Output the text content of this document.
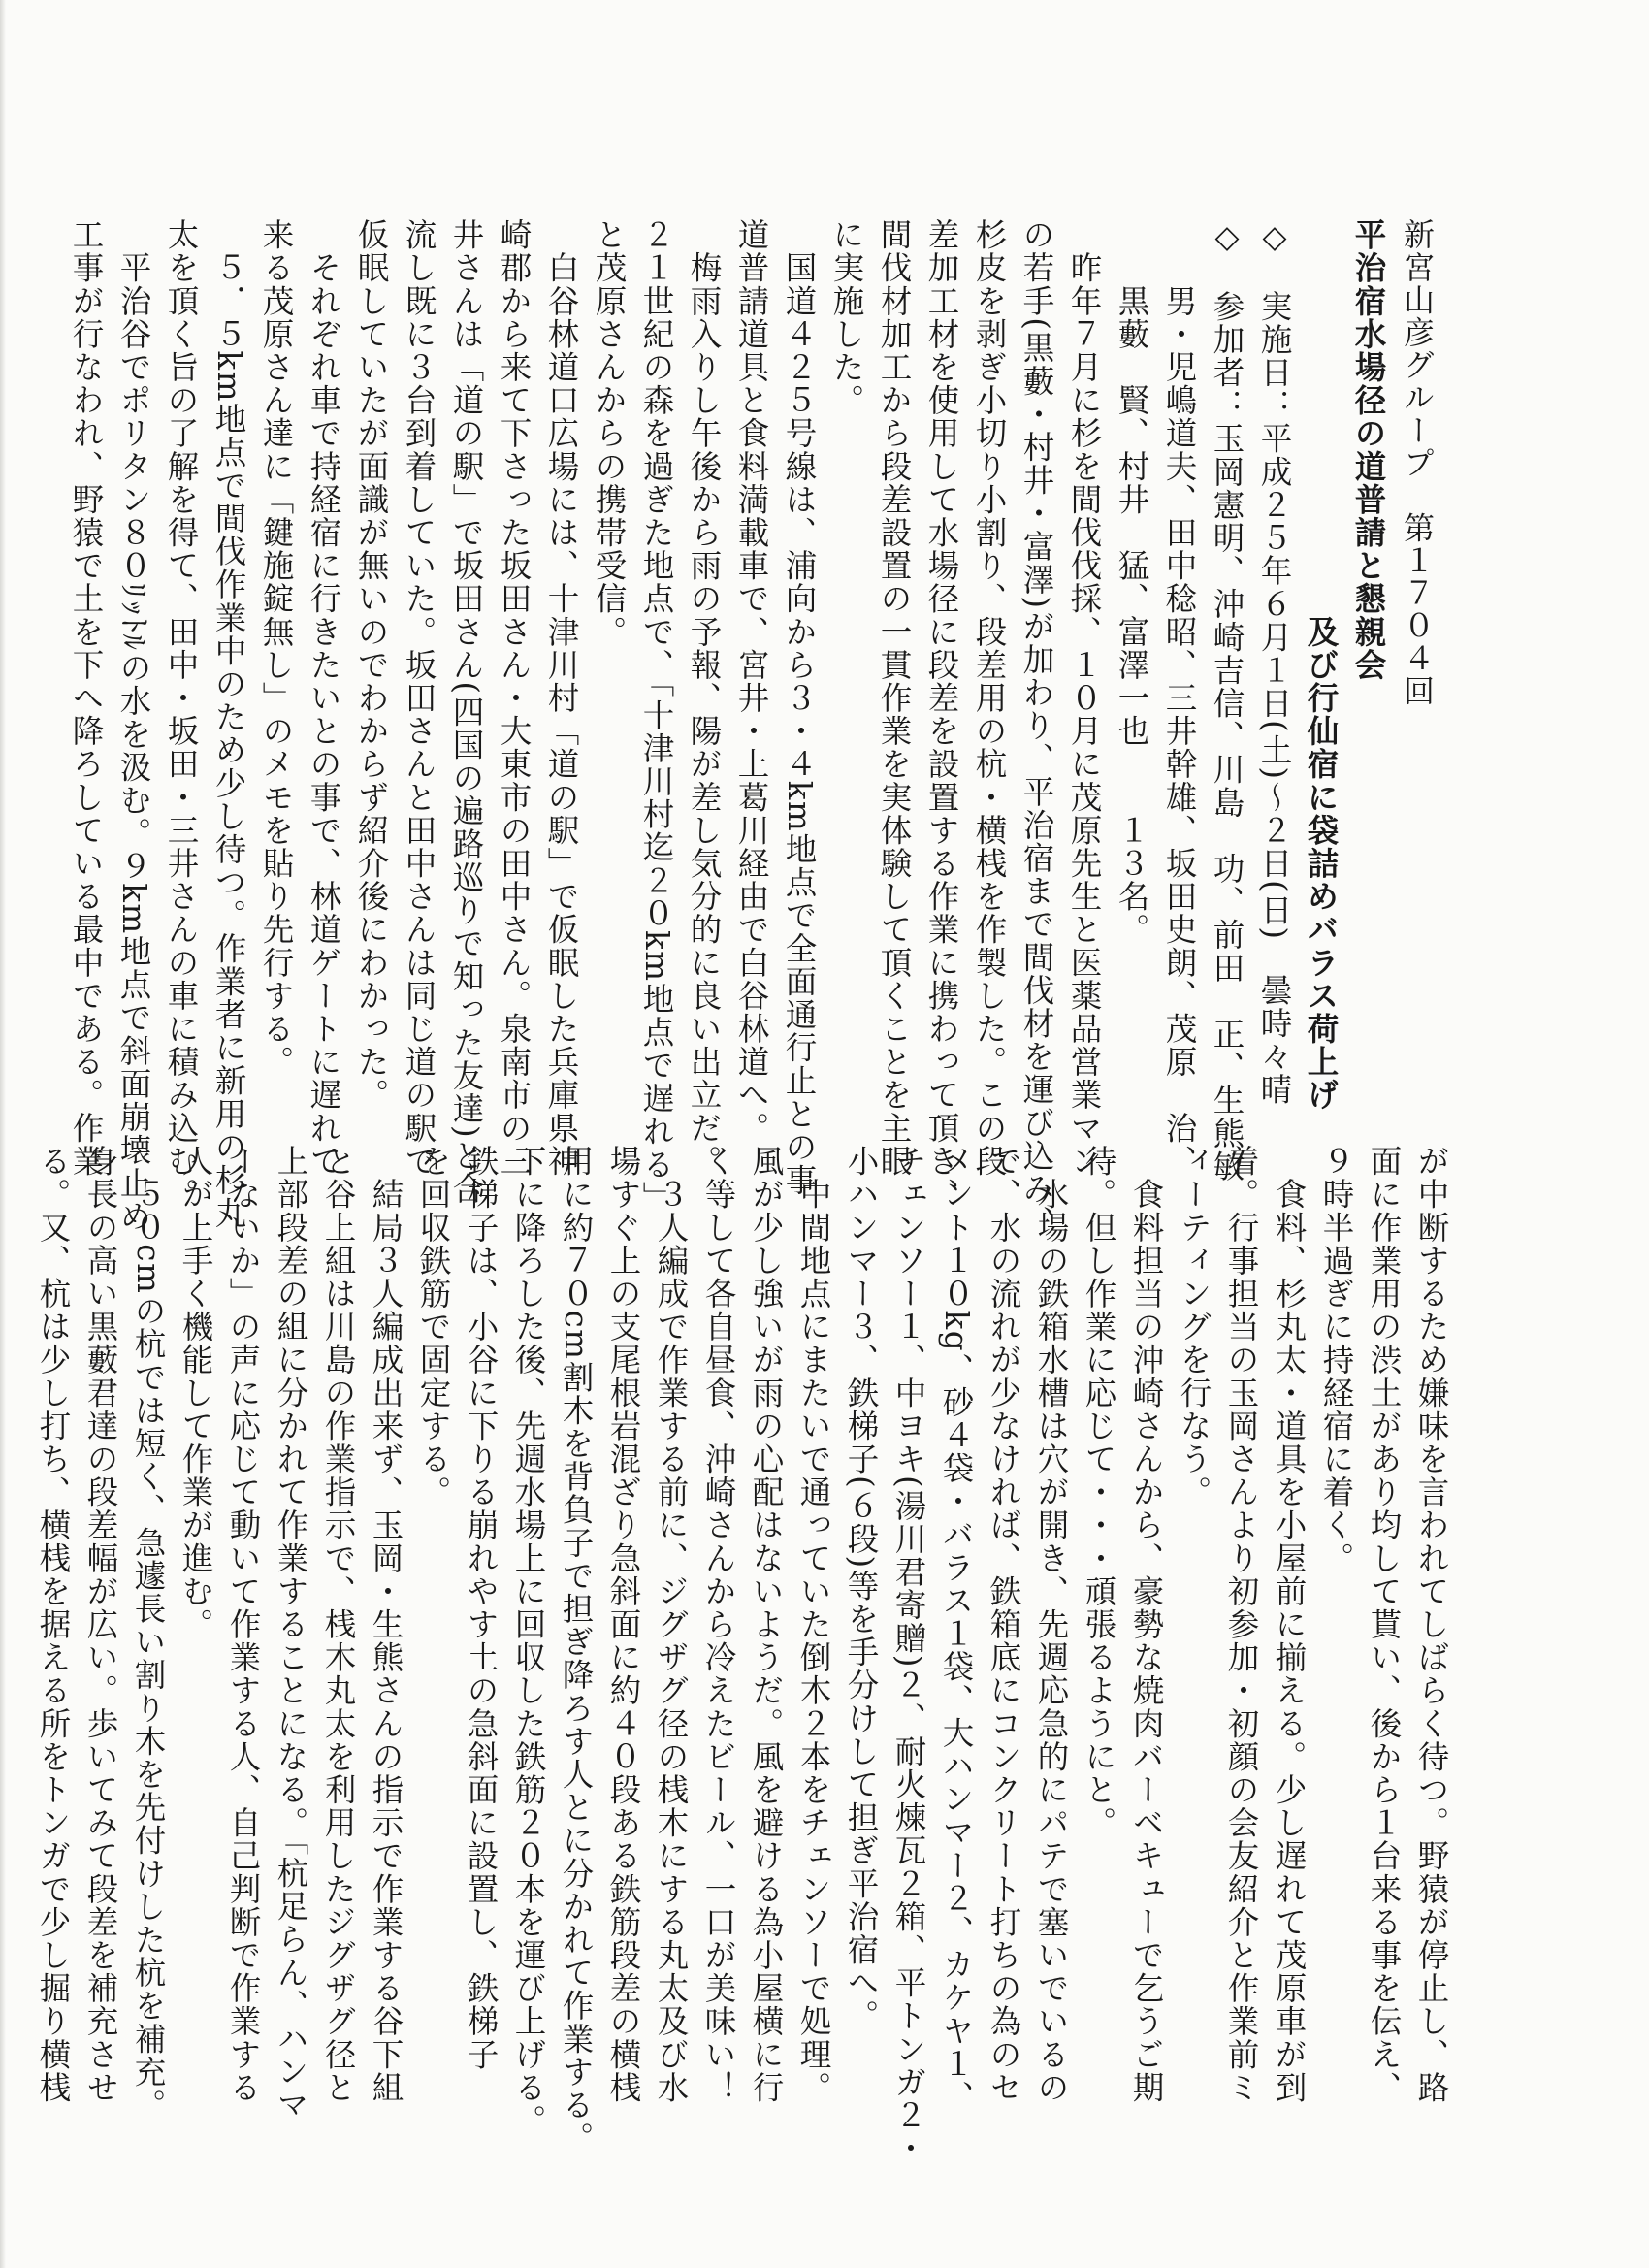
新宮山彦グループ　第１７０４回
平治宿水場径の道普請と懇親会
　　　　　　　　　　　　及び行仙宿に袋詰めバラス荷上げ
◇　実施日：平成２５年６月１日(土)～２日(日)　曇時々晴
◇　参加者：玉岡憲明、沖崎吉信、川島　功、前田　正、生熊敏
　　男・児嶋道夫、田中稔昭、三井幹雄、坂田史朗、茂原　治、
　　黒藪　賢、村井　猛、富澤一也　　１３名。
　昨年７月に杉を間伐伐採、１０月に茂原先生と医薬品営業マン
の若手(黒藪・村井・富澤)が加わり、平治宿まで間伐材を運び込み、
杉皮を剥ぎ小切り小割り、段差用の杭・横桟を作製した。この段
差加工材を使用して水場径に段差を設置する作業に携わって頂き、
間伐材加工から段差設置の一貫作業を実体験して頂くことを主眼
に実施した。
　国道４２５号線は、浦向から３・４km地点で全面通行止との事
道普請道具と食料満載車で、宮井・上葛川経由で白谷林道へ。
　梅雨入りし午後から雨の予報、陽が差し気分的に良い出立だ。
２１世紀の森を過ぎた地点で、「十津川村迄２０km地点で遅れる」
と茂原さんからの携帯受信。
　白谷林道口広場には、十津川村「道の駅」で仮眠した兵庫県神
崎郡から来て下さった坂田さん・大東市の田中さん。泉南市の三
井さんは「道の駅」で坂田さん(四国の遍路巡りで知った友達)と合
流し既に３台到着していた。坂田さんと田中さんは同じ道の駅で
仮眠していたが面識が無いのでわからず紹介後にわかった。
　それぞれ車で持経宿に行きたいとの事で、林道ゲートに遅れて
来る茂原さん達に「鍵施錠無し」のメモを貼り先行する。
　５．５km地点で間伐作業中のため少し待つ。作業者に新用の杉丸
太を頂く旨の了解を得て、田中・坂田・三井さんの車に積み込む。
　平治谷でポリタン８０ﾘｯﾄﾙの水を汲む。９km地点で斜面崩壊止め
工事が行なわれ、野猿で土を下へ降ろしている最中である。作業
が中断するため嫌味を言われてしばらく待つ。野猿が停止し、路
面に作業用の渋土があり均して貰い、後から１台来る事を伝え、
９時半過ぎに持経宿に着く。
　食料、杉丸太・道具を小屋前に揃える。少し遅れて茂原車が到
着。行事担当の玉岡さんより初参加・初顔の会友紹介と作業前ミ
ィーティングを行なう。
　食料担当の沖崎さんから、豪勢な焼肉バーベキューで乞うご期
待。但し作業に応じて・・・頑張るようにと。
　水場の鉄箱水槽は穴が開き、先週応急的にパテで塞いでいるの
で、水の流れが少なければ、鉄箱底にコンクリート打ちの為のセ
メント１０kg、砂４袋・バラス１袋、大ハンマー２、カケヤ１、
チェンソー１、中ヨキ(湯川君寄贈)２、耐火煉瓦２箱、平トンガ２・
小ハンマー３、鉄梯子(６段)等を手分けして担ぎ平治宿へ。
　中間地点にまたいで通っていた倒木２本をチェンソーで処理。
風が少し強いが雨の心配はないようだ。風を避ける為小屋横に行
く等して各自昼食、沖崎さんから冷えたビール、一口が美味い！
　３人編成で作業する前に、ジグザグ径の桟木にする丸太及び水
場すぐ上の支尾根岩混ざり急斜面に約４０段ある鉄筋段差の横桟
用に約７０cm割木を背負子で担ぎ降ろす人とに分かれて作業する。
下に降ろした後、先週水場上に回収した鉄筋２０本を運び上げる。
鉄梯子は、小谷に下りる崩れやす土の急斜面に設置し、鉄梯子
を回収鉄筋で固定する。
　結局３人編成出来ず、玉岡・生熊さんの指示で作業する谷下組
と谷上組は川島の作業指示で、桟木丸太を利用したジグザグ径と
上部段差の組に分かれて作業することになる。「杭足らん、ハンマ
ーないか」の声に応じて動いて作業する人、自己判断で作業する
人が上手く機能して作業が進む。
　５０cmの杭では短く、急遽長い割り木を先付けした杭を補充。
身長の高い黒藪君達の段差幅が広い。歩いてみて段差を補充させ
る。又、杭は少し打ち、横桟を据える所をトンガで少し掘り横桟
